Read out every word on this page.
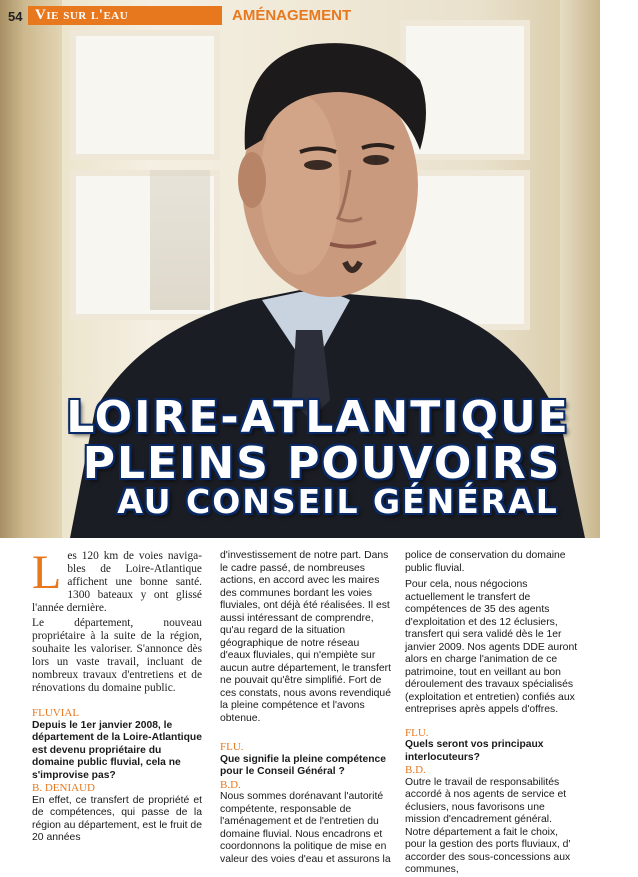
54 Vie sur l'eau	AMÉNAGEMENT
LOIRE-ATLANTIQUE
PLEINS POUVOIRS
AU CONSEIL GÉNÉRAL
L es 120 km de voies naviga-bles de Loire-Atlantique affichent une bonne santé. 1300 bateaux y ont glissé l'année dernière.
Le département, nouveau propriétaire à la suite de la région, souhaite les valoriser. S'annonce dès lors un vaste travail, incluant de nombreux travaux d'entretiens et de rénovations du domaine public.
FLUVIAL
Depuis le 1er janvier 2008, le département de la Loire-Atlantique est devenu propriétaire du domaine public fluvial, cela ne s'improvise pas?
B. DENIAUD
En effet, ce transfert de propriété et de compétences, qui passe de la région au département, est le fruit de 20 années
d'investissement de notre part. Dans le cadre passé, de nombreuses actions, en accord avec les maires des communes bordant les voies fluviales, ont déjà été réalisées. Il est aussi intéressant de comprendre, qu'au regard de la situation géographique de notre réseau d'eaux fluviales, qui n'empiète sur aucun autre département, le transfert ne pouvait qu'être simplifié. Fort de ces constats, nous avons revendiqué la pleine compétence et l'avons obtenue.
FLU.
Que signifie la pleine compétence pour le Conseil Général ?
B.D.
Nous sommes dorénavant l'autorité compétente, responsable de l'aménagement et de l'entretien du domaine fluvial. Nous encadrons et coordonnons la politique de mise en valeur des voies d'eau et assurons la
police de conservation du domaine public fluvial.
Pour cela, nous négocions actuellement le transfert de compétences de 35 des agents d'exploitation et des 12 éclusiers, transfert qui sera validé dès le 1er janvier 2009. Nos agents DDE auront alors en charge l'animation de ce patrimoine, tout en veillant au bon déroulement des travaux spécialisés (exploitation et entretien) confiés aux entreprises après appels d'offres.
FLU.
Quels seront vos principaux interlocuteurs?
B.D.
Outre le travail de responsabilités accordé à nos agents de service et éclusiers, nous favorisons une mission d'encadrement général. Notre département a fait le choix, pour la gestion des ports fluviaux, d' accorder des sous-concessions aux communes,
